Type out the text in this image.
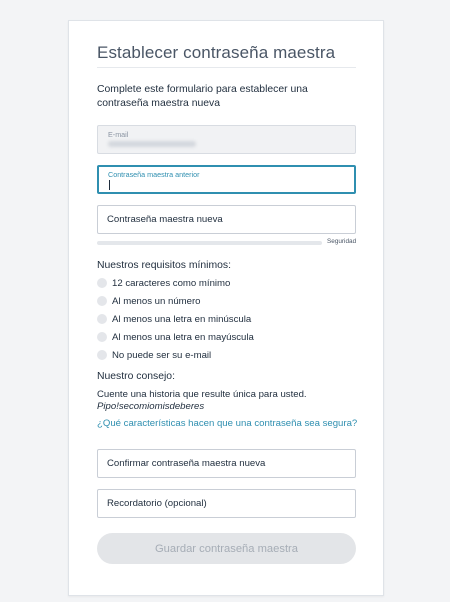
Establecer contraseña maestra
Complete este formulario para establecer una contraseña maestra nueva
E-mail
Contraseña maestra anterior
Contraseña maestra nueva
Seguridad
Nuestros requisitos mínimos:
12 caracteres como mínimo
Al menos un número
Al menos una letra en minúscula
Al menos una letra en mayúscula
No puede ser su e-mail
Nuestro consejo:
Cuente una historia que resulte única para usted.
Pipo!secomiomisdeberes
¿Qué características hacen que una contraseña sea segura?
Confirmar contraseña maestra nueva
Recordatorio (opcional)
Guardar contraseña maestra
